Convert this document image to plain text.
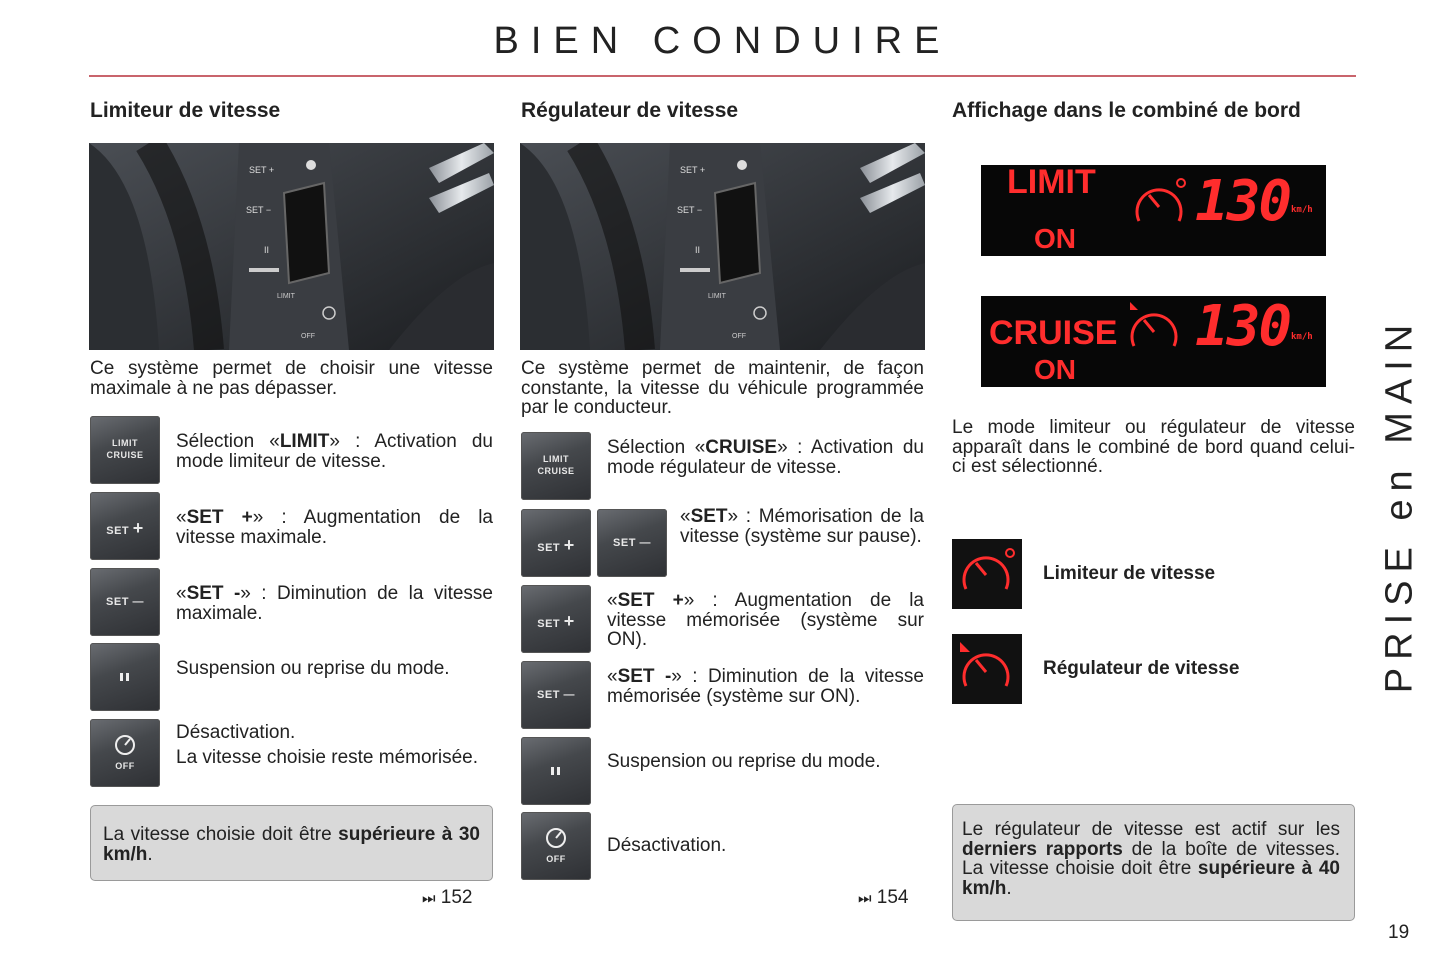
BIEN CONDUIRE
Limiteur de vitesse
SET +
SET −
II
LIMIT
OFF
Ce système permet de choisir une vitesse maximale à ne pas dépasser.
LIMIT
CRUISE
Sélection «LIMIT» : Activation du mode limiteur de vitesse.
SET +	«SET +» : Augmentation de la vitesse maximale.
SET —	«SET -» : Diminution de la vitesse maximale.
Suspension ou reprise du mode.
OFF
Désactivation.
La vitesse choisie reste mémorisée.
La vitesse choisie doit être supérieure à 30 km/h.
⏭ 152
Régulateur de vitesse
SET +
SET −
II
LIMIT
OFF
Ce système permet de maintenir, de façon constante, la vitesse du véhicule programmée par le conducteur.
LIMIT
CRUISE
Sélection «CRUISE» : Activation du mode régulateur de vitesse.
SET +	SET —
«SET» : Mémorisation de la vitesse (système sur pause).
SET +
«SET +» : Augmentation de la vitesse mémorisée (système sur ON).
SET —
«SET -» : Diminution de la vitesse mémorisée (système sur ON).
Suspension ou reprise du mode.
OFF
Désactivation.
⏭ 154
Affichage dans le combiné de bord
LIMIT
ON
130 km/h
CRUISE
ON
130 km/h
Le mode limiteur ou régulateur de vitesse apparaît dans le combiné de bord quand celui-ci est sélectionné.
Limiteur de vitesse
Régulateur de vitesse
Le régulateur de vitesse est actif sur les derniers rapports de la boîte de vitesses. La vitesse choisie doit être supérieure à 40 km/h.
PRISE en MAIN
19
